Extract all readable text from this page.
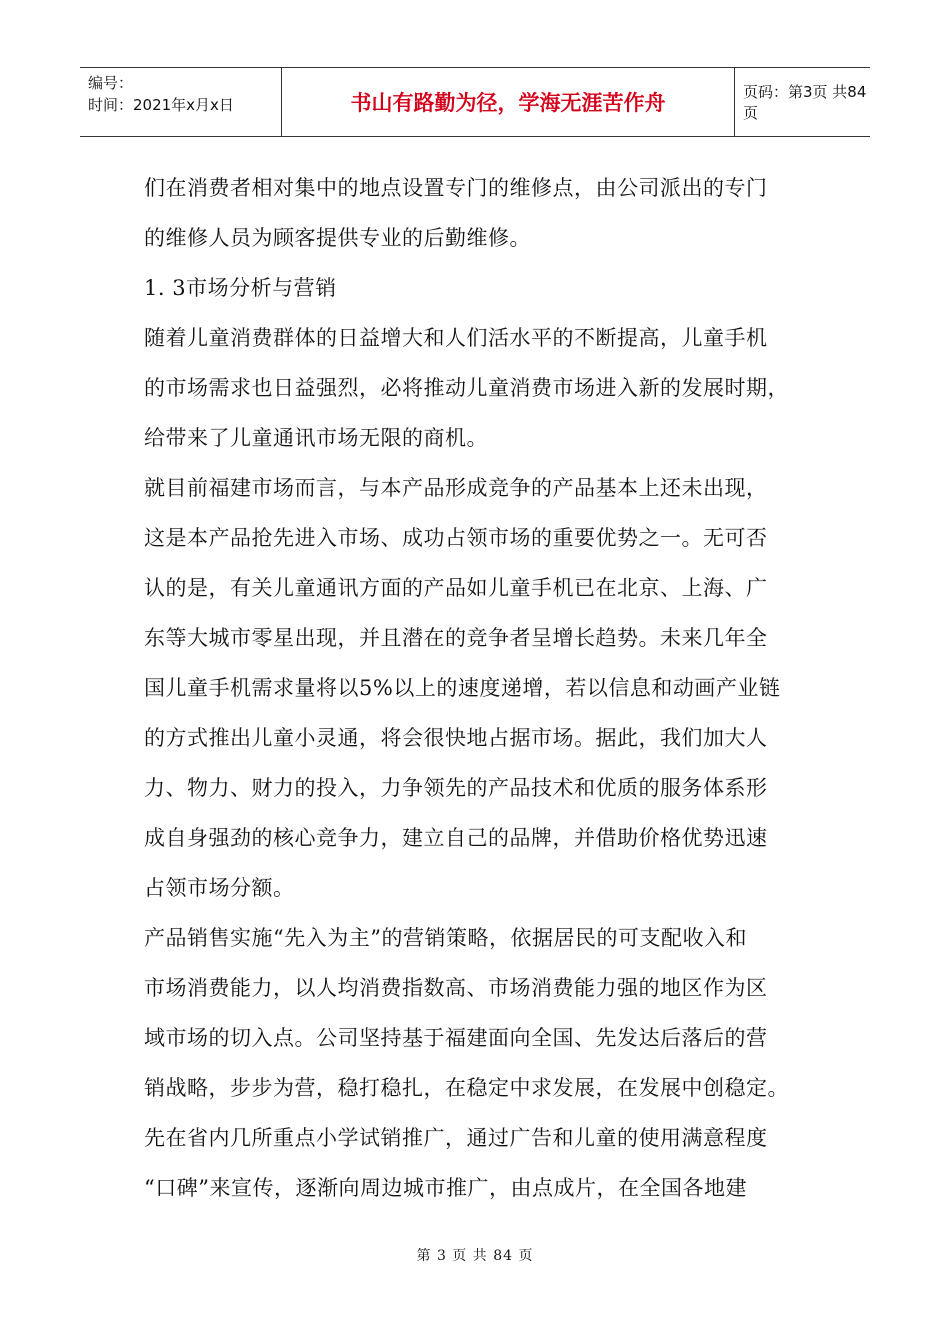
编号：
时间：2021年x月x日	书山有路勤为径，学海无涯苦作舟	页码：第3页 共84页

们在消费者相对集中的地点设置专门的维修点，由公司派出的专门

的维修人员为顾客提供专业的后勤维修。

1. 3市场分析与营销

随着儿童消费群体的日益增大和人们活水平的不断提高，儿童手机

的市场需求也日益强烈，必将推动儿童消费市场进入新的发展时期，

给带来了儿童通讯市场无限的商机。

就目前福建市场而言，与本产品形成竞争的产品基本上还未出现，

这是本产品抢先进入市场、成功占领市场的重要优势之一。无可否

认的是，有关儿童通讯方面的产品如儿童手机已在北京、上海、广

东等大城市零星出现，并且潜在的竞争者呈增长趋势。未来几年全

国儿童手机需求量将以5%以上的速度递增，若以信息和动画产业链

的方式推出儿童小灵通，将会很快地占据市场。据此，我们加大人

力、物力、财力的投入，力争领先的产品技术和优质的服务体系形

成自身强劲的核心竞争力，建立自己的品牌，并借助价格优势迅速

占领市场分额。

产品销售实施“先入为主”的营销策略，依据居民的可支配收入和

市场消费能力，以人均消费指数高、市场消费能力强的地区作为区

域市场的切入点。公司坚持基于福建面向全国、先发达后落后的营

销战略，步步为营，稳打稳扎，在稳定中求发展，在发展中创稳定。

先在省内几所重点小学试销推广，通过广告和儿童的使用满意程度

“口碑”来宣传，逐渐向周边城市推广，由点成片，在全国各地建

第 3 页 共 84 页
